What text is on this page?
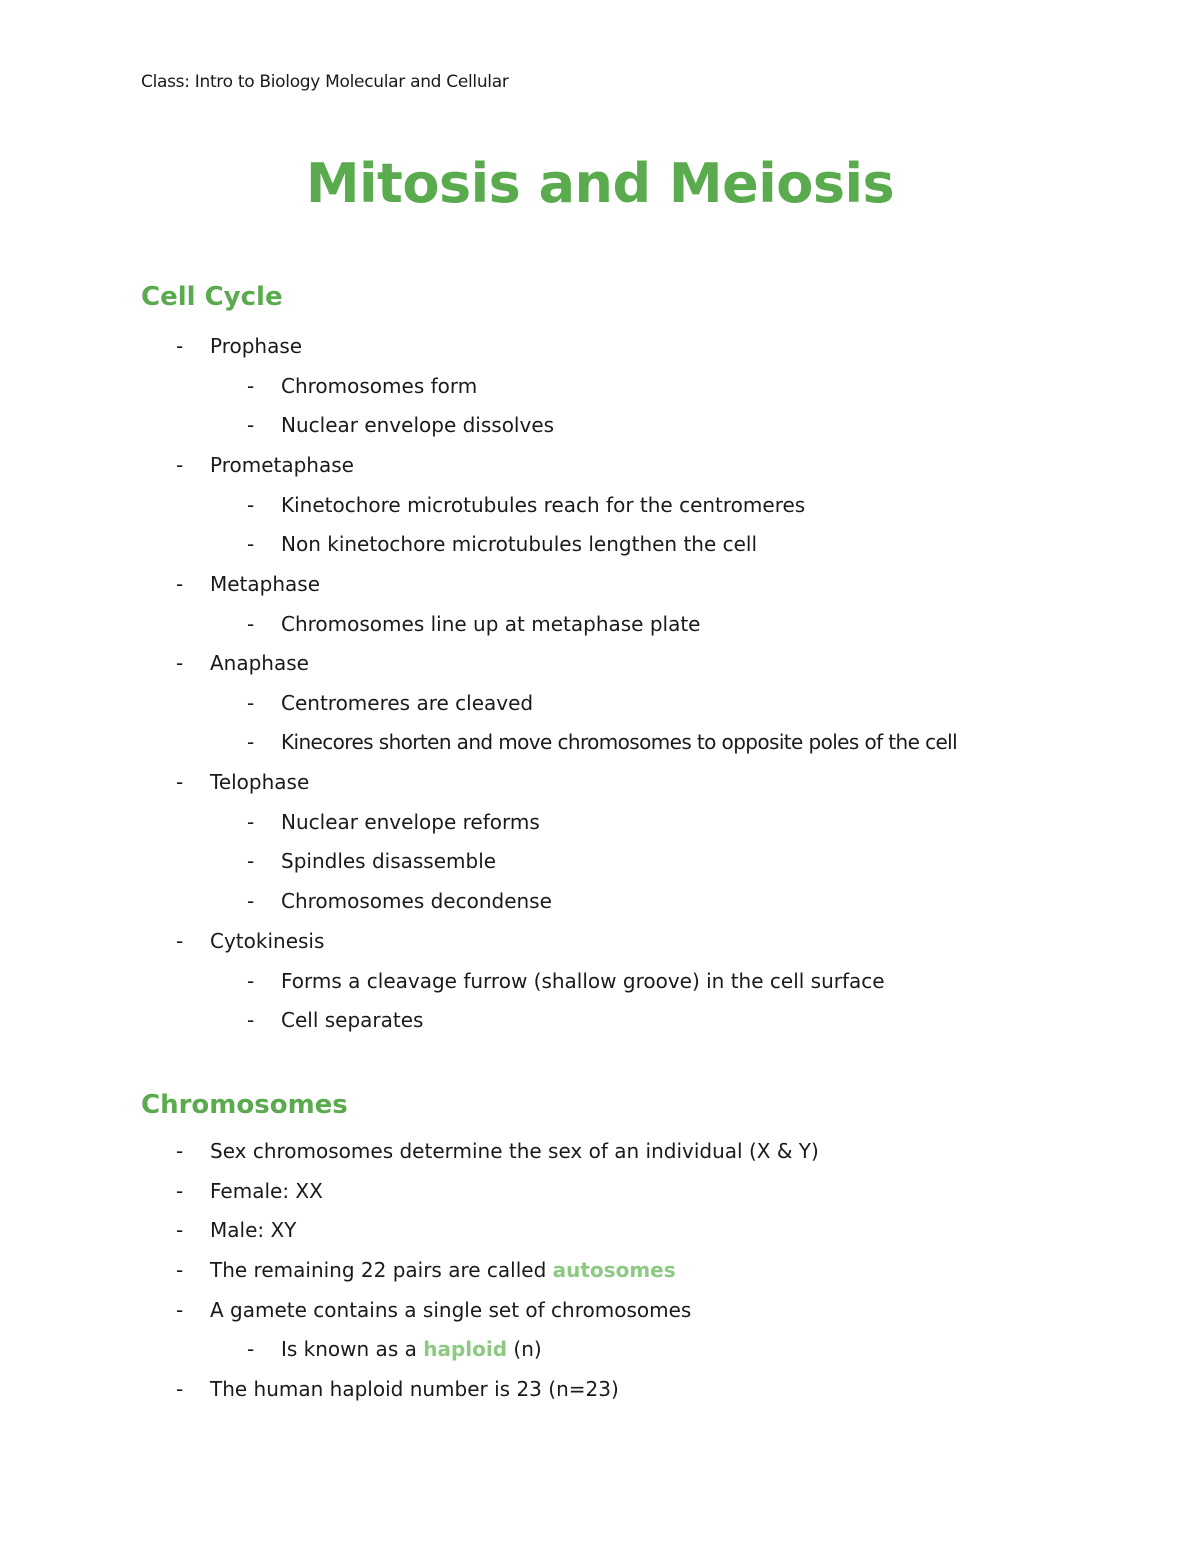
Class: Intro to Biology Molecular and Cellular
Mitosis and Meiosis
Cell Cycle
- Prophase
- Chromosomes form
- Nuclear envelope dissolves
- Prometaphase
- Kinetochore microtubules reach for the centromeres
- Non kinetochore microtubules lengthen the cell
- Metaphase
- Chromosomes line up at metaphase plate
- Anaphase
- Centromeres are cleaved
- Kinecores shorten and move chromosomes to opposite poles of the cell
- Telophase
- Nuclear envelope reforms
- Spindles disassemble
- Chromosomes decondense
- Cytokinesis
- Forms a cleavage furrow (shallow groove) in the cell surface
- Cell separates
Chromosomes
- Sex chromosomes determine the sex of an individual (X & Y)
- Female: XX
- Male: XY
- The remaining 22 pairs are called autosomes
- A gamete contains a single set of chromosomes
- Is known as a haploid (n)
- The human haploid number is 23 (n=23)
